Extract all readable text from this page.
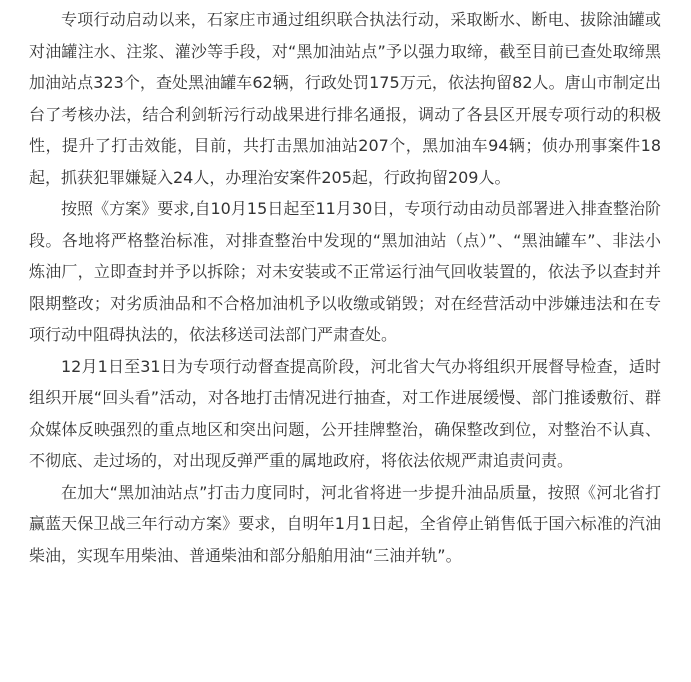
专项行动启动以来，石家庄市通过组织联合执法行动，采取断水、断电、拔除油罐或对油罐注水、注浆、灌沙等手段，对“黑加油站点”予以强力取缔，截至目前已查处取缔黑加油站点323个，查处黑油罐车62辆，行政处罚175万元，依法拘留82人。唐山市制定出台了考核办法，结合利剑斩污行动战果进行排名通报，调动了各县区开展专项行动的积极性，提升了打击效能，目前，共打击黑加油站207个，黑加油车94辆；侦办刑事案件18起，抓获犯罪嫌疑入24人，办理治安案件205起，行政拘留209人。

按照《方案》要求,自10月15日起至11月30日，专项行动由动员部署进入排查整治阶段。各地将严格整治标准，对排查整治中发现的“黑加油站（点）”、“黑油罐车”、非法小炼油厂，立即查封并予以拆除；对未安装或不正常运行油气回收装置的，依法予以查封并限期整改；对劣质油品和不合格加油机予以收缴或销毁；对在经营活动中涉嫌违法和在专项行动中阻碍执法的，依法移送司法部门严肃查处。

12月1日至31日为专项行动督查提高阶段，河北省大气办将组织开展督导检查，适时组织开展“回头看”活动，对各地打击情况进行抽查，对工作进展缓慢、部门推诿敷衍、群众媒体反映强烈的重点地区和突出问题，公开挂牌整治，确保整改到位，对整治不认真、不彻底、走过场的，对出现反弹严重的属地政府，将依法依规严肃追责问责。

在加大“黑加油站点”打击力度同时，河北省将进一步提升油品质量，按照《河北省打赢蓝天保卫战三年行动方案》要求，自明年1月1日起，全省停止销售低于国六标准的汽油柴油，实现车用柴油、普通柴油和部分船舶用油“三油并轨”。
